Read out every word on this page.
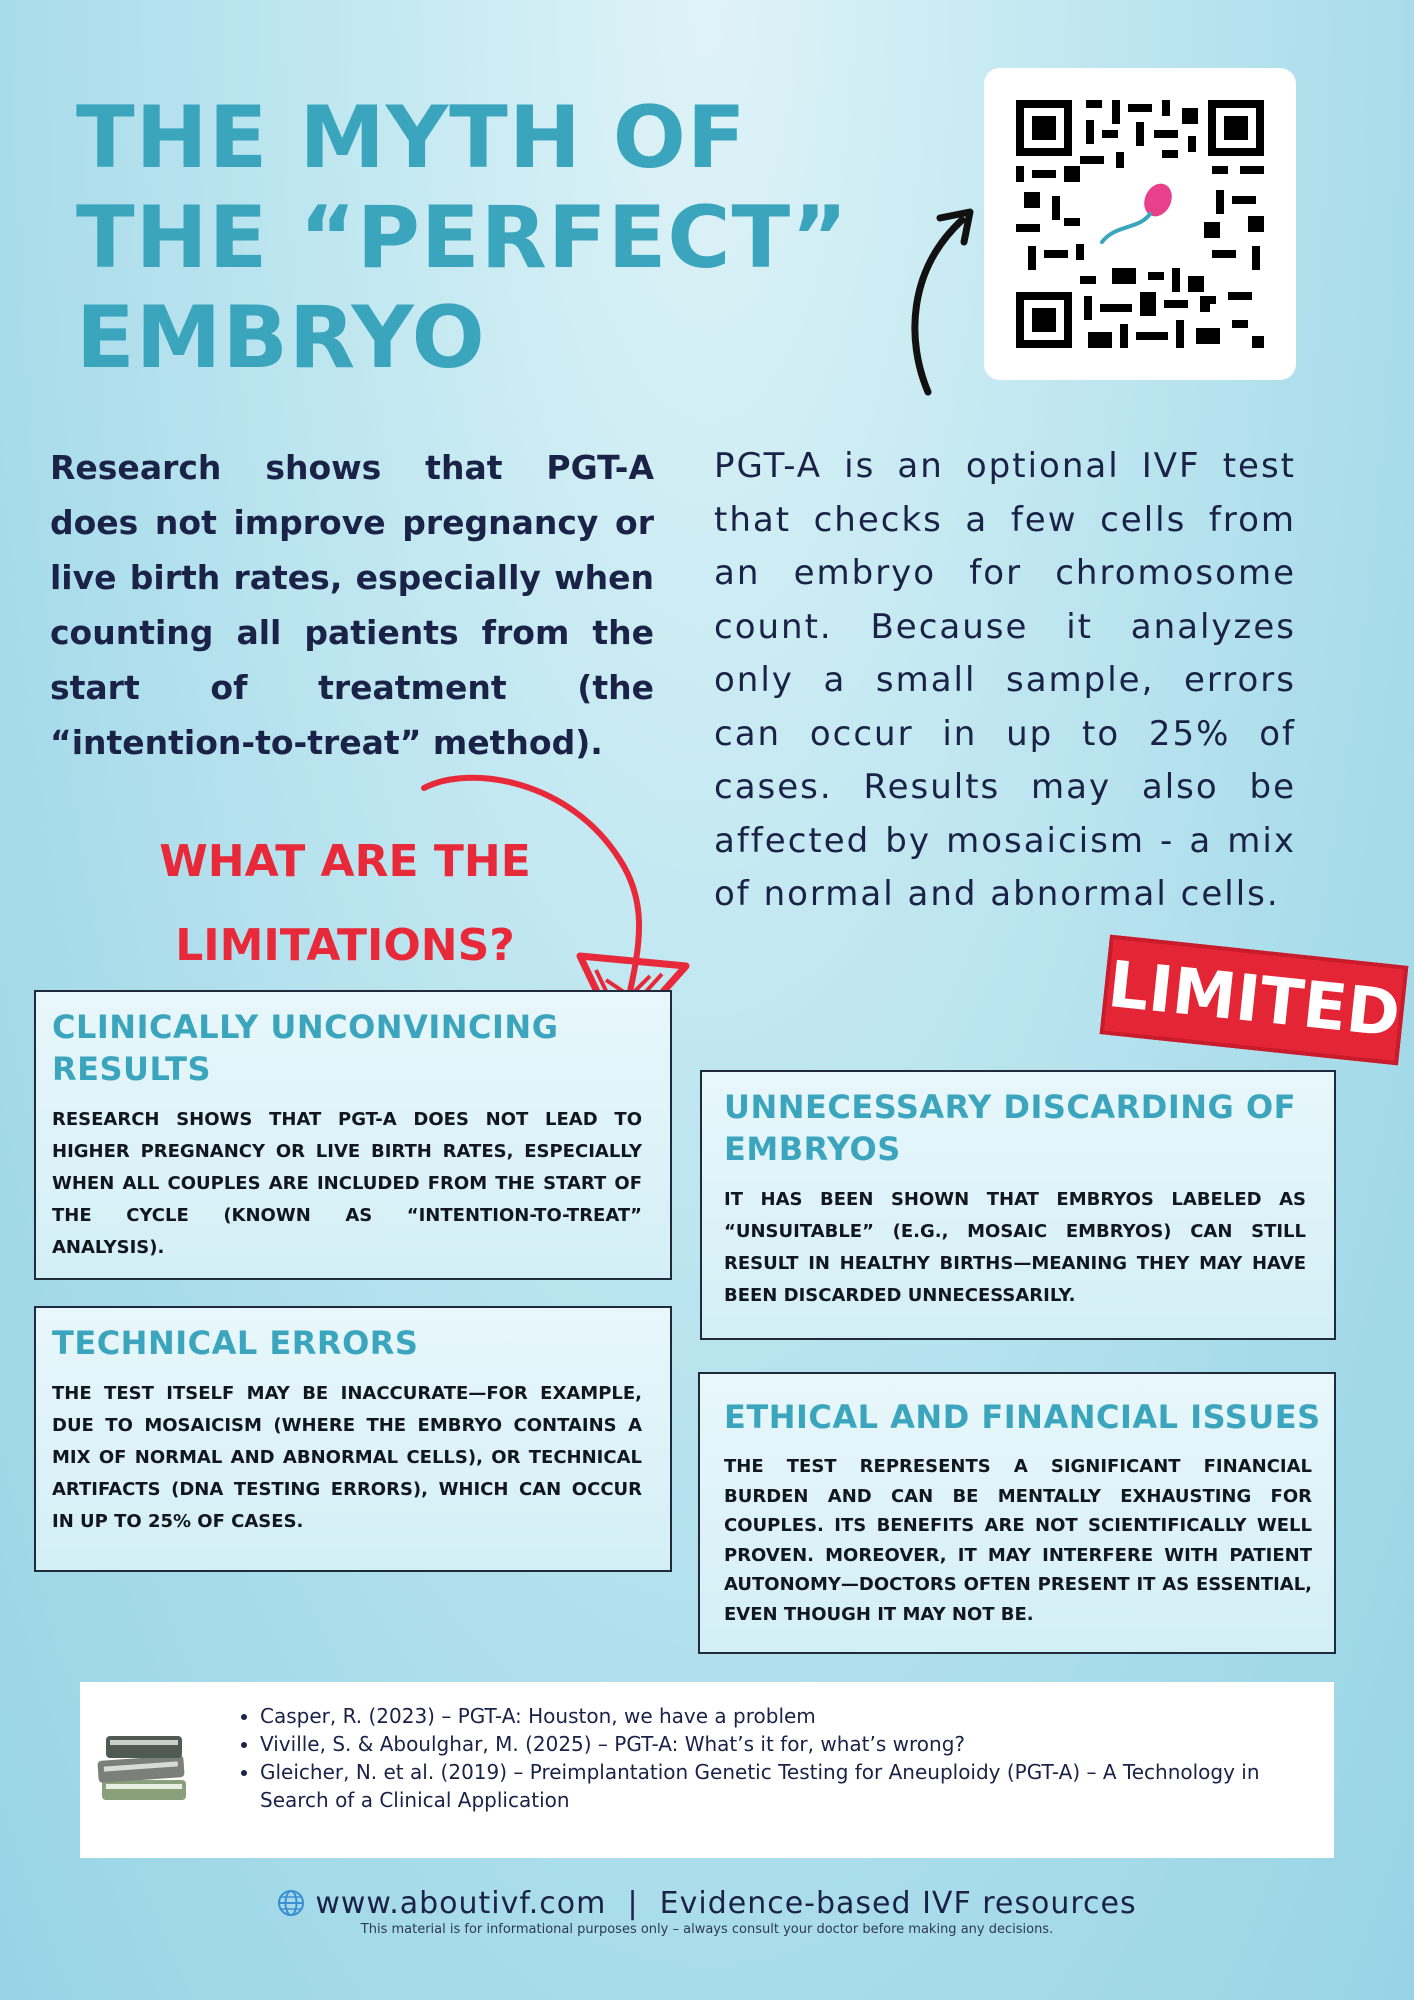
THE MYTH OF
THE “PERFECT”
EMBRYO
Research shows that PGT-A does not improve pregnancy or live birth rates, especially when counting all patients from the start of treatment (the “intention-to-treat” method).
PGT-A is an optional IVF test that checks a few cells from an embryo for chromosome count. Because it analyzes only a small sample, errors can occur in up to 25% of cases. Results may also be affected by mosaicism - a mix of normal and abnormal cells.
WHAT ARE THE
LIMITATIONS?
LIMITED
CLINICALLY UNCONVINCING RESULTS

RESEARCH SHOWS THAT PGT-A DOES NOT LEAD TO HIGHER PREGNANCY OR LIVE BIRTH RATES, ESPECIALLY WHEN ALL COUPLES ARE INCLUDED FROM THE START OF THE CYCLE (KNOWN AS “INTENTION-TO-TREAT” ANALYSIS).

TECHNICAL ERRORS

THE TEST ITSELF MAY BE INACCURATE—FOR EXAMPLE, DUE TO MOSAICISM (WHERE THE EMBRYO CONTAINS A MIX OF NORMAL AND ABNORMAL CELLS), OR TECHNICAL ARTIFACTS (DNA TESTING ERRORS), WHICH CAN OCCUR IN UP TO 25% OF CASES.

UNNECESSARY DISCARDING OF EMBRYOS

IT HAS BEEN SHOWN THAT EMBRYOS LABELED AS “UNSUITABLE” (E.G., MOSAIC EMBRYOS) CAN STILL RESULT IN HEALTHY BIRTHS—MEANING THEY MAY HAVE BEEN DISCARDED UNNECESSARILY.

ETHICAL AND FINANCIAL ISSUES

THE TEST REPRESENTS A SIGNIFICANT FINANCIAL BURDEN AND CAN BE MENTALLY EXHAUSTING FOR COUPLES. ITS BENEFITS ARE NOT SCIENTIFICALLY WELL PROVEN. MOREOVER, IT MAY INTERFERE WITH PATIENT AUTONOMY—DOCTORS OFTEN PRESENT IT AS ESSENTIAL, EVEN THOUGH IT MAY NOT BE.

• Casper, R. (2023) – PGT-A: Houston, we have a problem
• Viville, S. & Aboulghar, M. (2025) – PGT-A: What’s it for, what’s wrong?
• Gleicher, N. et al. (2019) – Preimplantation Genetic Testing for Aneuploidy (PGT-A) – A Technology in Search of a Clinical Application
www.aboutivf.com | Evidence-based IVF resources
This material is for informational purposes only – always consult your doctor before making any decisions.
